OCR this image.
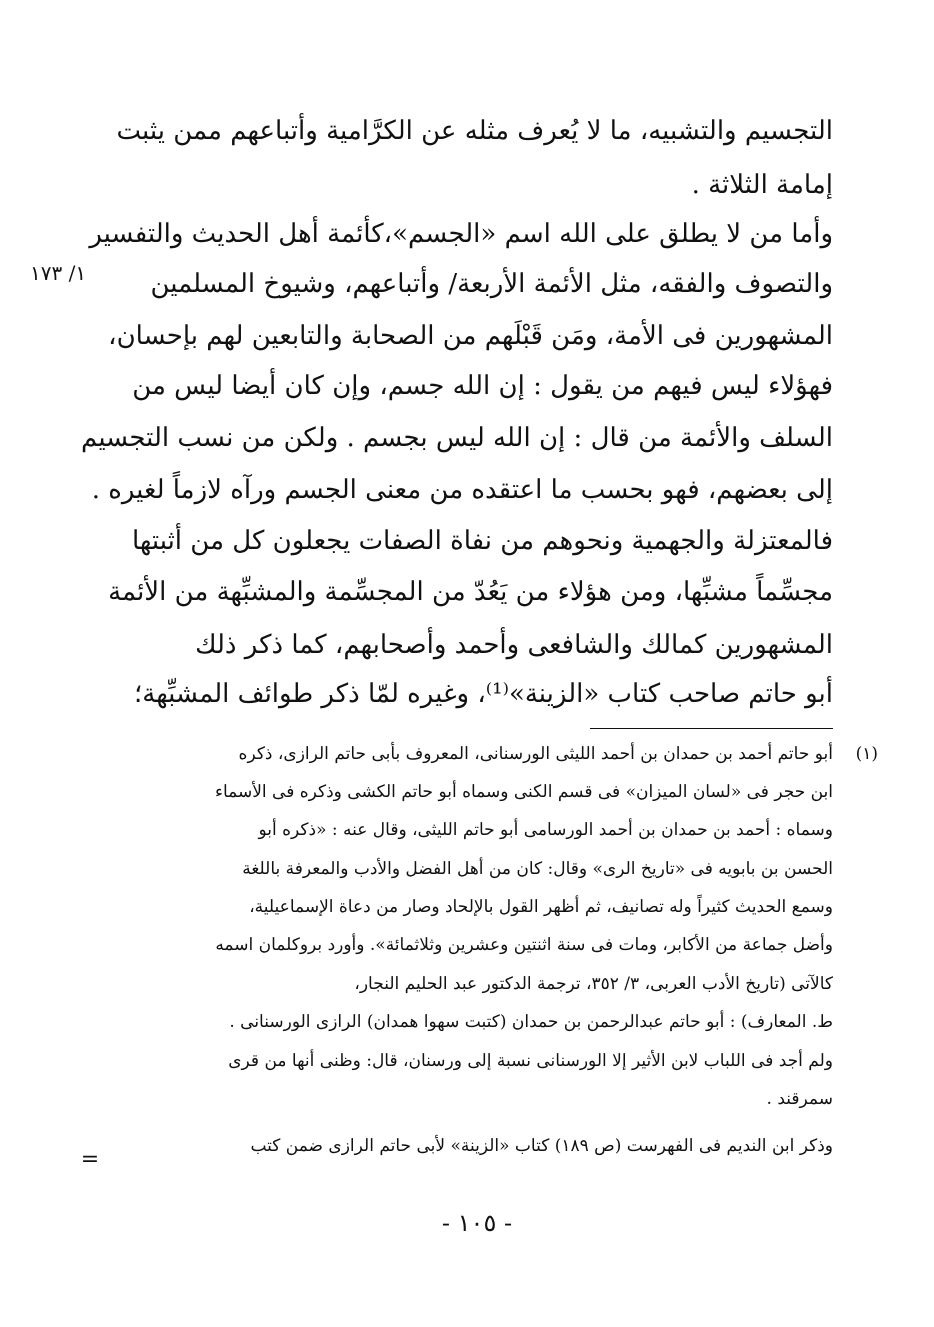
١/ ١٧٣
التجسيم والتشبيه، ما لا يُعرف مثله عن الكرَّامية وأتباعهم ممن يثبت
إمامة الثلاثة .
وأما من لا يطلق على الله اسم «الجسم»،كأئمة أهل الحديث والتفسير
والتصوف والفقه، مثل الأئمة الأربعة/ وأتباعهم، وشيوخ المسلمين
المشهورين فى الأمة، ومَن قَبْلَهم من الصحابة والتابعين لهم بإحسان،
فهؤلاء ليس فيهم من يقول : إن الله جسم، وإن كان أيضا ليس من
السلف والأئمة من قال : إن الله ليس بجسم . ولكن من نسب التجسيم
إلى بعضهم، فهو بحسب ما اعتقده من معنى الجسم ورآه لازماً لغيره .
فالمعتزلة والجهمية ونحوهم من نفاة الصفات يجعلون كل من أثبتها
مجسِّماً مشبِّها، ومن هؤلاء من يَعُدّ من المجسِّمة والمشبِّهة من الأئمة
المشهورين كمالك والشافعى وأحمد وأصحابهم، كما ذكر ذلك
أبو حاتم صاحب كتاب «الزينة»⁽¹⁾، وغيره لمّا ذكر طوائف المشبِّهة؛
(١)
أبو حاتم أحمد بن حمدان بن أحمد الليثى الورسنانى، المعروف بأبى حاتم الرازى، ذكره
ابن حجر فى «لسان الميزان» فى قسم الكنى وسماه أبو حاتم الكشى وذكره فى الأسماء
وسماه : أحمد بن حمدان بن أحمد الورسامى أبو حاتم الليثى، وقال عنه : «ذكره أبو
الحسن بن بابويه فى «تاريخ الرى» وقال: كان من أهل الفضل والأدب والمعرفة باللغة
وسمع الحديث كثيراً وله تصانيف، ثم أظهر القول بالإلحاد وصار من دعاة الإسماعيلية،
وأضل جماعة من الأكابر، ومات فى سنة اثنتين وعشرين وثلاثمائة». وأورد بروكلمان اسمه
كالآتى (تاريخ الأدب العربى، ٣/ ٣٥٢، ترجمة الدكتور عبد الحليم النجار،
ط. المعارف) : أبو حاتم عبدالرحمن بن حمدان (كتبت سهوا همدان) الرازى الورسنانى .
ولم أجد فى اللباب لابن الأثير إلا الورسنانى نسبة إلى ورسنان، قال: وظنى أنها من قرى
سمرقند .
وذكر ابن النديم فى الفهرست (ص ١٨٩) كتاب «الزينة» لأبى حاتم الرازى ضمن كتب
=
- ١٠٥ -
